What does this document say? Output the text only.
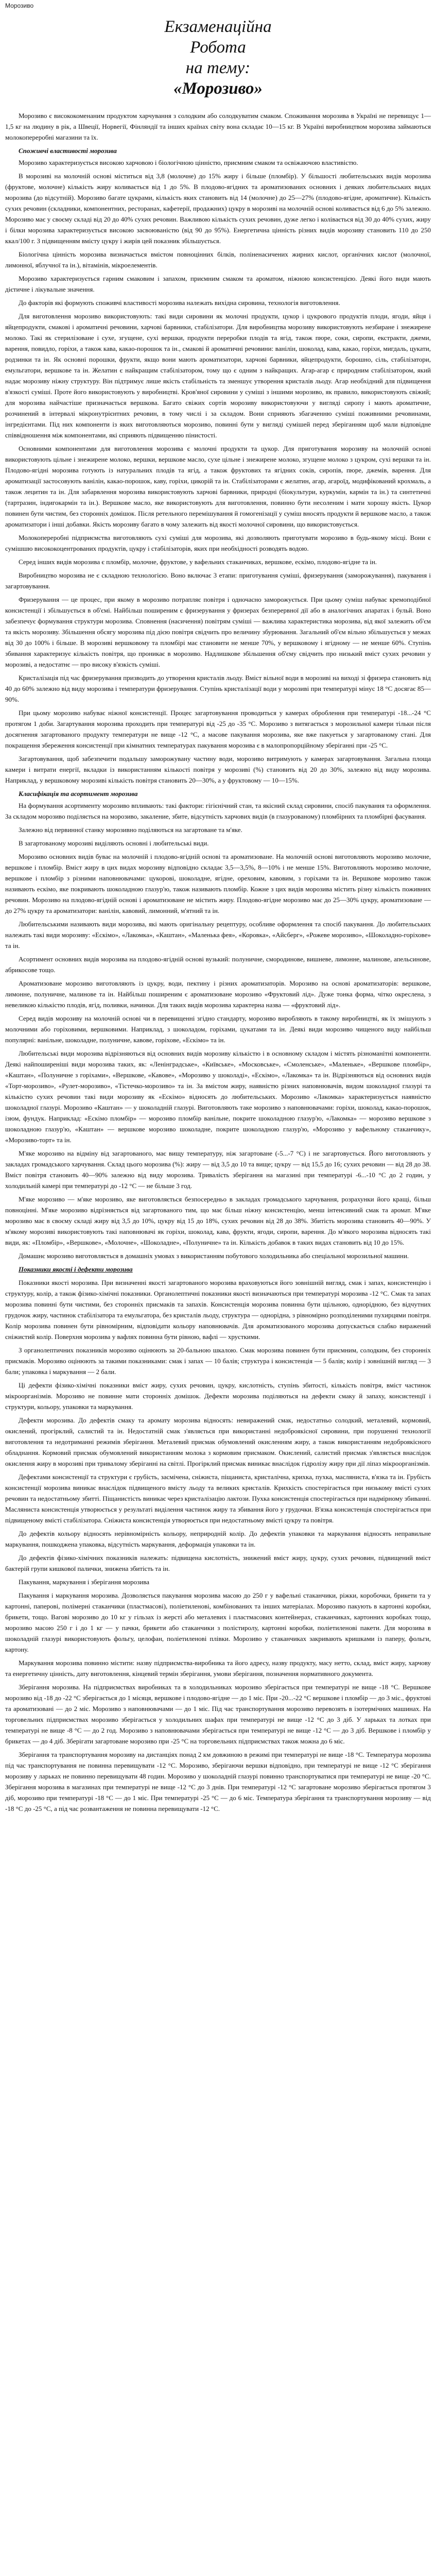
Морозиво
Екзаменаційна
Робота
на темy:
«Морозиво»

Морозиво є висококоменаним продуктом харчування з солодким або солодкуватим смаком. Споживання морозива в Україні не перевищує 1—1,5 кг на людину в рік, а Швеції, Норвегії, Фінляндії та інших країнах світу вона складає 10—15 кг. В Україні виробництвом морозива займаються молокопереробні магазини та їх.

Споживчі властивості морозива

Морозиво характеризується високою харчовою і біологічною цінністю, приємним смаком та освіжаючою властивістю.

В морозиві на молочній основі міститься від 3,8 (молочне) до 15% жиру і більше (пломбір). У більшості любительських видів морозива (фруктове, молочне) кількість жиру коливається від 1 до 5%. В плодово-ягідних та ароматизованих основних і деяких любительських видах морозива (до відсутній). Морозиво багате цукрами, кількість яких становить від 14 (молочне) до 25—27% (плодово-ягідне, ароматичне). Кількість сухих речовин (складники, компонентних, ресторанах, кафетерії, продажних) цукру в морозиві на молочній основі коливається від 6 до 5% залежно. Морозиво має у своєму складі від 20 до 40% сухих речовин. Важливою кількість сухих речовин, дуже легко і колівається від 30 до 40% сухих, жиру і білки морозива характеризується високою засвоюваністю (від 90 до 95%). Енергетична цінність різних видів морозиву становить 110 до 250 ккал/100 г. З підвищенням вмісту цукру і жирів цей показник збільшується.

Біологічна цінність морозива визначається вмістом повноцінних білків, поліненасичених жирних кислот, органічних кислот (молочної, лимонної, яблучної та ін.), вітамінів, мікроелементів.

Морозиво характеризується гарним смаковим і запахом, приємним смаком та ароматом, ніжною консистенцією. Деякі його види мають дієтичне і лікувальне значення.

До факторів які формують споживчі властивості морозива належать вихідна сировина, технологія виготовлення.

Для виготовлення морозиво використовують: такі види сировини як молочні продукти, цукор і цукрового продуктів плоди, ягоди, яйця і яйцепродукти, смакові і ароматичні речовини, харчові барвники, стабілізатори. Для виробництва морозиву використовують незбиране і знежирене молоко. Такі як стерилізоване і сухе, згущене, сухі вершки, продукти переробки плодів та ягід, також пюре, соки, сиропи, екстракти, джеми, варення, повидло, горіхи, а також кава, какао-порошок та ін., смакові й ароматичні речовини: ванілін, шоколад, кава, какао, горіхи, мигдаль, цукати, родзинки та ін. Як основні порошки, фрукти, якщо вони мають ароматизатори, харчові барвники, яйцепродукти, борошно, сіль, стабілізатори, емульгатори, вершкове та ін. Желатин є найкращим стабілізатором, тому що є одним з найкращих. Агар-агар є природним стабілізатором, який надає морозиву ніжну структуру. Він підтримує лише якість стабільність та зменшує утворення кристалів льоду. Агар необхідний для підвищення в'язкості суміші. Проте його використовують у виробництві. Кров'яної сировини у суміші з іншими морозиво, як правило, використовують свіжий; для морозива найчастіше призначається вершкова. Багато свіжих сортів морозиву використовуючи у вигляді сиропу і мають ароматичне, розчинений в інтервалі мікронутрієнтних речовин, в тому числі і за складом. Вони сприяють збагаченню суміші поживними речовинами, інгредієнтами. Під них компоненти із яких виготовляються морозиво, повинні бути у вигляді сумішей перед зберіганням щоб мали відповідне співвідношення між компонентами, які сприяють підвищенню пінистості.

Основними компонентами для виготовлення морозива є молочні продукти та цукор. Для приготування морозиву на молочній основі використовують цільне і знежирене молоко, вершки, вершкове масло, сухе цільне і знежирене молоко, згущене молоко з цукром, сухі вершки та ін. Плодово-ягідні морозива готують із натуральних плодів та ягід, а також фруктових та ягідних соків, сиропів, пюре, джемів, варення. Для ароматизації застосовують ванілін, какао-порошок, каву, горіхи, цикорій та ін. Стабілізаторами є желатин, агар, агароїд, модифікований крохмаль, а також лецитин та ін. Для забарвлення морозива використовують харчові барвники, природні (біокультури, куркумін, кармін та ін.) та синтетичні (тартразин, індигокармін та ін.). Вершкове масло, яке використовують для виготовлення, повинно бути несоленим і мати хорошу якість. Цукор повинен бути чистим, без сторонніх домішок. Після ретельного перемішування й гомогенізації у суміш вносять продукти й вершкове масло, а також ароматизатори і інші добавки. Якість морозиву багато в чому залежить від якості молочної сировини, що використовується.

Молокопереробні підприємства виготовляють сухі суміші для морозива, які дозволяють приготувати морозиво в будь-якому місці. Вони є сумішшю висококоцентрованих продуктів, цукру і стабілізаторів, яких при необхідності розводять водою.

Серед інших видів морозива є пломбір, молочне, фруктове, у вафельних стаканчиках, вершкове, ескімо, плодово-ягідне та ін.

Виробництво морозива не є складною технологією. Воно включає 3 етапи: приготування суміші, фризерування (заморожування), пакування і загартовування.

Фризерування — це процес, при якому в морозиво потрапляє повітря і одночасно заморожується. При цьому суміш набуває кремоподібної консистенції і збільшується в об'ємі. Найбільш поширеним є фризерування у фризерах безперервної дії або в аналогічних апаратах і бульй. Воно забезпечує формування структури морозива. Сповнення (насичення) повітрям суміші — важлива характеристика морозива, від якої залежить об'єм та якість морозиву. Збільшення обсягу морозива під дією повітря свідчить про величину збурювання. Загальний об'єм вільно збільшується у межах від 30 до 100% і більше. В морозиві вершковому та пломбірі має становити не менше 70%, у вершковому і ягідному — не менше 60%. Ступінь збивання характеризує кількість повітря, що проникає в морозиво. Надлишкове збільшення об'єму свідчить про низький вміст сухих речовин у морозиві, а недостатнє — про високу в'язкість суміші.

Кристалізація під час фризерування призводить до утворення кристалів льоду. Вміст вільної води в морозиві на виході зі фризера становить від 40 до 60% залежно від виду морозива і температури фризерування. Ступінь кристалізації води у морозиві при температурі мінус 18 °C досягає 85—90%.

При цьому морозиво набуває ніжної консистенції. Процес загартовування проводиться у камерах оброблення при температурі -18...-24 °C протягом 1 доби. Загартування морозива проходить при температурі від -25 до -35 °C. Морозиво з витягається з морозильної камери тільки після досягнення загартованого продукту температури не вище -12 °C, а масове пакування морозива, яке вже пакуеться у загартованому стані. Для покращення збереження консистенції при кімнатних температурах пакування морозива є в малопропорційному зберіганні при -25 °C.

Загартовування, щоб забезпечити подальшу заморожувану частину води, морозиво витримують у камерах загартовування. Загальна площа камери і витрати енергії, вкладки із використанням кількості повітря у морозиві (%) становить від 20 до 30%, залежно від виду морозива. Наприклад, у вершковому морозиві кількість повітря становить 20—30%, а у фруктовому — 10—15%.

Класифікація та асортимент морозива

На формування асортименту морозиво впливають: такі фактори: гігієнічний стан, та якісний склад сировини, спосіб пакування та оформлення. За складом морозиво поділяється на морозиво, закаление, збите, відсутність харчових видів (в глазурованому) пломбірних та пломбірні фасування.

Залежно від первинної станку морозивно поділяються на загартоване та м'яке.

В загартованому морозиві виділяють основні і любительські види.

Морозиво основних видів буває на молочній і плодово-ягідній основі та ароматизоване. На молочній основі виготовляють морозиво молочне, вершкове і пломбір. Вміст жиру в цих видах морозиву відповідно складає 3,5—3,5%, 8—10% і не менше 15%. Виготовляють морозиво молочне, вершкове і пломбір з різними наповнювачами: цукорові, шоколадне, ягідне, ореховим, кавовим, з горіхами та ін. Вершкове морозиво також називають ескімо, яке покривають шоколадною глазур'ю, також називають пломбір. Кожне з цих видів морозива містить різну кількість поживних речовин. Морозиво на плодово-ягідній основі і ароматизоване не містить жиру. Плодово-ягідне морозиво має до 25—30% цукру, ароматизоване — до 27% цукру та ароматизатори: ванілін, кавовий, лимонний, м'ятний та ін.

Любительськими називають види морозива, які мають оригінальну рецептуру, особливе оформлення та спосіб пакування. До любительських належать такі види морозиву: «Ескімо», «Лакомка», «Каштан», «Маленька фея», «Коровка», «Айсберг», «Рожеве морозиво», «Шоколадно-горіхове» та ін.

Асортимент основних видів морозива на плодово-ягідній основі вузький: полуничне, смородинове, вишневе, лимонне, малинове, апельсинове, абрикосове тощо.

Ароматизоване морозиво виготовляють із цукру, води, пектину і різних ароматизаторів. Морозиво на основі ароматизаторів: вершкове, лимонне, полуничне, малинове та ін. Найбільш поширеним є ароматизоване морозиво «Фруктовий лід». Дуже тонка форма, чітко окреслена, з невеликою кількістю плодів, ягід, поливки, начинки. Для таких видів морозива характерна назва — «фруктовий лід».

Серед видів морозиву на молочній основі чи в перевищенні згідно стандарту, морозиво виробляють в такому виробництві, як їх змішують з молочними або горіховими, вершковими. Наприклад, з шоколадом, горіхами, цукатами та ін. Деякі види морозиво чищеного виду найбільш популярні: ванільне, шоколадне, полуничне, кавове, горіхове, «Ескімо» та ін.

Любительські види морозива відрізняються від основних видів морозиву кількістю і в основному складом і містять різноманітні компоненти. Деякі найпоширеніші види морозива таких, як: «Ленінградське», «Київське», «Московське», «Смоленське», «Маленьке», «Вершкове пломбір», «Каштан», «Полуничне з горіхами», «Вершкове, «Кавове», «Морозиво у шоколаді», «Ескімо», «Лакомка» та ін. Відрізняються від основних видів «Торт-морозиво», «Рулет-морозиво», «Тістечко-морозиво» та ін. За вмістом жиру, наявністю різних наповнювачів, видом шоколадної глазурі та кількістю сухих речовин такі види морозиву як «Ескімо» відносять до любительських. Морозиво «Лакомка» характеризується наявністю шоколадної глазурі. Морозиво «Каштан» — у шоколадній глазурі. Виготовляють таке морозиво з наповнювачами: горіхи, шоколад, какао-порошок, ізюм, фундук. Наприклад: «Ескімо пломбір» — морозиво пломбір ванільне, покрите шоколадною глазур'ю, «Лакомка» — морозиво вершкове з шоколадною глазур'ю, «Каштан» — вершкове морозиво шоколадне, покрите шоколадною глазур'ю, «Морозиво у вафельному стаканчику», «Морозиво-торт» та ін.

М'яке морозиво на відміну від загартованого, має вищу температуру, ніж загартоване (-5...-7 °C) і не загартовується. Його виготовляють у закладах громадського харчування. Склад цього морозива (%): жиру — від 3,5 до 10 та вище; цукру — від 15,5 до 16; сухих речовин — від 28 до 38. Вміст повітря становить 40—90% залежно від виду морозива. Тривалість зберігання на магазині при температурі -6...-10 °C до 2 годин, у холодильній камері при температурі до -12 °C — не більше 3 год.

М'яке морозиво — м'яке морозиво, яке виготовляється безпосередньо в закладах громадського харчування, розрахунки його кращі, більш повноцінні. М'яке морозиво відрізняється від загартованого тим, що має більш ніжну консистенцію, менш інтенсивний смак та аромат. М'яке морозиво має в своєму складі жиру від 3,5 до 10%, цукру від 15 до 18%, сухих речовин від 28 до 38%. Збитість морозива становить 40—90%. У м'якому морозиві використовують такі наповнювачі як горіхи, шоколад, кава, фрукти, ягоди, сиропи, варення. До м'якого морозива відносять такі види, як: «Пломбір», «Вершкове», «Молочне», «Шоколадне», «Полуничне» та ін. Кількість добавок в таких видах становить від 10 до 15%.

Домашнє морозиво виготовляється в домашніх умовах з використанням побутового холодильника або спеціальної морозильної машини.

Показники якості і дефекти морозива

Показники якості морозива. При визначенні якості загартованого морозива враховуються його зовнішній вигляд, смак і запах, консистенцію і структуру, колір, а також фізико-хімічні показники. Органолептичні показники якості визначаються при температурі морозива -12 °C. Смак та запах морозива повинні бути чистими, без сторонніх присмаків та запахів. Консистенція морозива повинна бути щільною, однорідною, без відчутних грудочок жиру, частинок стабілізатора та емульгатора, без кристалів льоду, структура — однорідна, з рівномірно розподіленими пухирцями повітря. Колір морозива повинен бути рівномірним, відповідати кольору наповнювачів. Для ароматизованого морозива допускається слабко виражений сніжистий колір. Поверхня морозива у вафлях повинна бути рівною, вафлі — хрусткими.

З органолептичних показників морозиво оцінюють за 20-бальною шкалою. Смак морозива повинен бути приємним, солодким, без сторонніх присмаків. Морозиво оцінюють за такими показниками: смак і запах — 10 балів; структура і консистенція — 5 балів; колір і зовнішній вигляд — 3 бали; упаковка і маркування — 2 бали.

Ці дефекти фізико-хімічні показники вміст жиру, сухих речовин, цукру, кислотність, ступінь збитості, кількість повітря, вміст частинок мікроорганізмів. Морозиво не повинне мати сторонніх домішок. Дефекти морозива поділяються на дефекти смаку й запаху, консистенції і структури, кольору, упаковки та маркування.

Дефекти морозива. До дефектів смаку та аромату морозива відносять: невиражений смак, недостатньо солодкий, металевий, кормовий, окислений, прогірклий, салистий та ін. Недостатній смак з'являється при використанні недоброякісної сировини, при порушенні технології виготовлення та недотриманні режимів зберігання. Металевий присмак обумовлений окисленням жиру, а також використанням недоброякісного обладнання. Кормовий присмак обумовлений використанням молока з кормовим присмаком. Окислений, салистий присмак з'являється внаслідок окислення жиру в морозиві при тривалому зберіганні на світлі. Прогірклий присмак виникає внаслідок гідролізу жиру при дії ліпаз мікроорганізмів.

Дефектами консистенції та структури є грубість, засмічена, сніжиста, піщаниста, кристалічна, крихка, пухка, масляниста, в'язка та ін. Грубість консистенції морозива виникає внаслідок підвищеного вмісту льоду та великих кристалів. Крихкість спостерігається при низькому вмісті сухих речовин та недостатньому збитті. Піщанистість виникає через кристалізацію лактози. Пухка консистенція спостерігається при надмірному збиванні. Масляниста консистенція утворюється у результаті виділення частинок жиру та збивання його у грудочки. В'язка консистенція спостерігається при підвищеному вмісті стабілізатора. Сніжиста консистенція утворюється при недостатньому вмісті цукру та повітря.

До дефектів кольору відносять нерівномірність кольору, неприродній колір. До дефектів упаковки та маркування відносять неправильне маркування, пошкоджена упаковка, відсутність маркування, деформація упаковки та ін.

До дефектів фізико-хімічних показників належать: підвищена кислотність, знижений вміст жиру, цукру, сухих речовин, підвищений вміст бактерій групи кишкової палички, знижена збитість та ін.

Пакування, маркування і зберігання морозива

Пакування і маркування морозива. Дозволяється пакування морозива масою до 250 г у вафельні стаканчики, ріжки, коробочки, брикети та у картонні, паперові, полімерні стаканчики (пластмасові), поліетиленові, комбінованих та інших матеріалах. Морозиво пакують в картонні коробки, брикети, тощо. Вагові морозиво до 10 кг у гільзах із жерсті або металевих і пластмасових контейнерах, стаканчиках, картонних коробках тощо, морозиво масою 250 г і до 1 кг — у пачки, брикети або стаканчики з полістиролу, картонні коробки, поліетиленові пакети. Для морозива в шоколадній глазурі використовують фольгу, целофан, поліетиленові плівки. Морозиво у стаканчиках закривають кришками із паперу, фольги, картону.

Маркування морозива повинно містити: назву підприємства-виробника та його адресу, назву продукту, масу нетто, склад, вміст жиру, харчову та енергетичну цінність, дату виготовлення, кінцевий термін зберігання, умови зберігання, позначення нормативного документа.

Зберігання морозива. На підприємствах виробниках та в холодильниках морозиво зберігається при температурі не вище -18 °C. Вершкове морозиво від -18 до -22 °C зберігається до 1 місяця, вершкове і плодово-ягідне — до 1 міс. При -20...-22 °C вершкове і пломбір — до 3 міс., фруктові та ароматизовані — до 2 міс. Морозиво з наповнювачами — до 1 міс. Під час транспортування морозиво перевозять в ізотермічних машинах. На торговельних підприємствах морозиво зберігається у холодильних шафах при температурі не вище -12 °C до 3 діб. У ларьках та лотках при температурі не вище -8 °C — до 2 год. Морозиво з наповнювачами зберігається при температурі не вище -12 °C — до 3 діб. Вершкове і пломбір у брикетах — до 4 діб. Зберігати загартоване морозиво при -25 °C на торговельних підприємствах також можна до 6 міс.

Зберігання та транспортування морозиву на дистанціях понад 2 км довжиною в режимі при температурі не вище -18 °C. Температура морозива під час транспортування не повинна перевищувати -12 °C. Морозиво, зберігаючи вершки відповідно, при температурі не вище -12 °C зберігання морозиву у ларьках не повинно перевищувати 48 годин. Морозиво у шоколадній глазурі повинно транспортуватися при температурі не вище -20 °C. Зберігання морозива в магазинах при температурі не вище -12 °C до 3 днів. При температурі -12 °C загартоване морозиво зберігається протягом 3 діб, морозиво при температурі -18 °C — до 1 міс. При температурі -25 °C — до 6 міс. Температура зберігання та транспортування морозиву — від -18 °C до -25 °C, а під час розвантаження не повинна перевищувати -12 °C.
